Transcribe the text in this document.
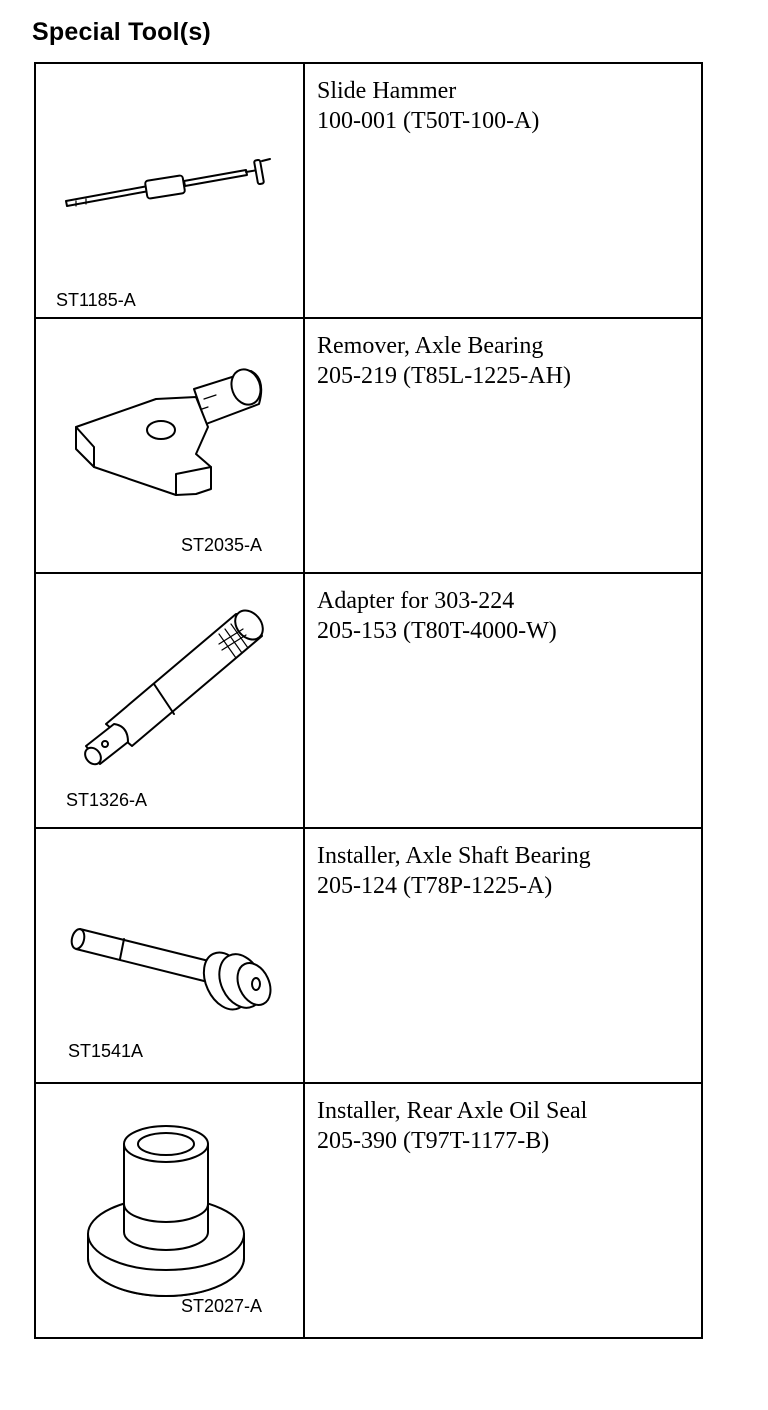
Special Tool(s)
ST1185-A	Slide Hammer
100-001 (T50T-100-A)

ST2035-A	Remover, Axle Bearing
205-219 (T85L-1225-AH)

ST1326-A	Adapter for 303-224
205-153 (T80T-4000-W)

ST1541A	Installer, Axle Shaft Bearing
205-124 (T78P-1225-A)

ST2027-A	Installer, Rear Axle Oil Seal
205-390 (T97T-1177-B)
